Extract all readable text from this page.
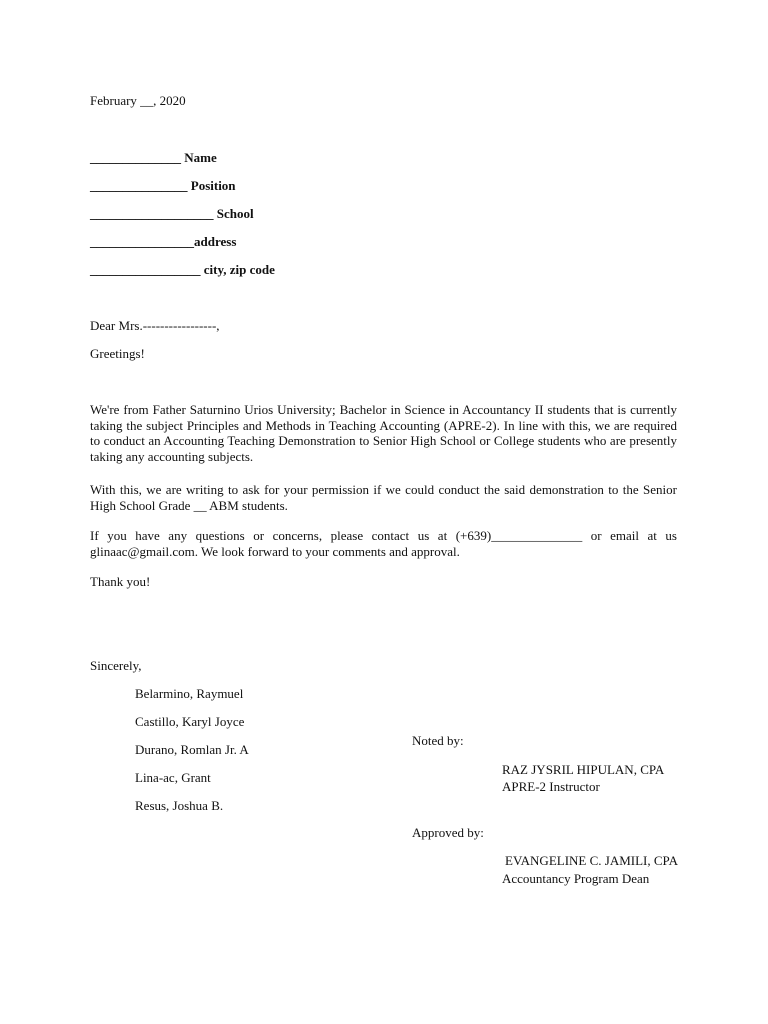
February __, 2020
______________ Name
_______________ Position
___________________ School
________________address
_________________ city, zip code
Dear Mrs.-----------------,
Greetings!
We're from Father Saturnino Urios University; Bachelor in Science in Accountancy II students that is currently taking the subject Principles and Methods in Teaching Accounting (APRE-2). In line with this, we are required to conduct an Accounting Teaching Demonstration to Senior High School or College students who are presently taking any accounting subjects.
With this, we are writing to ask for your permission if we could conduct the said demonstration to the Senior High School Grade __ ABM students.
If you have any questions or concerns, please contact us at (+639)______________ or email at us glinaac@gmail.com. We look forward to your comments and approval.
Thank you!
Sincerely,
Belarmino, Raymuel
Castillo, Karyl Joyce
Durano, Romlan Jr. A
Lina-ac, Grant
Resus, Joshua B.
Noted by:
RAZ JYSRIL HIPULAN, CPA
APRE-2 Instructor
Approved by:
EVANGELINE C. JAMILI, CPA
Accountancy Program Dean
